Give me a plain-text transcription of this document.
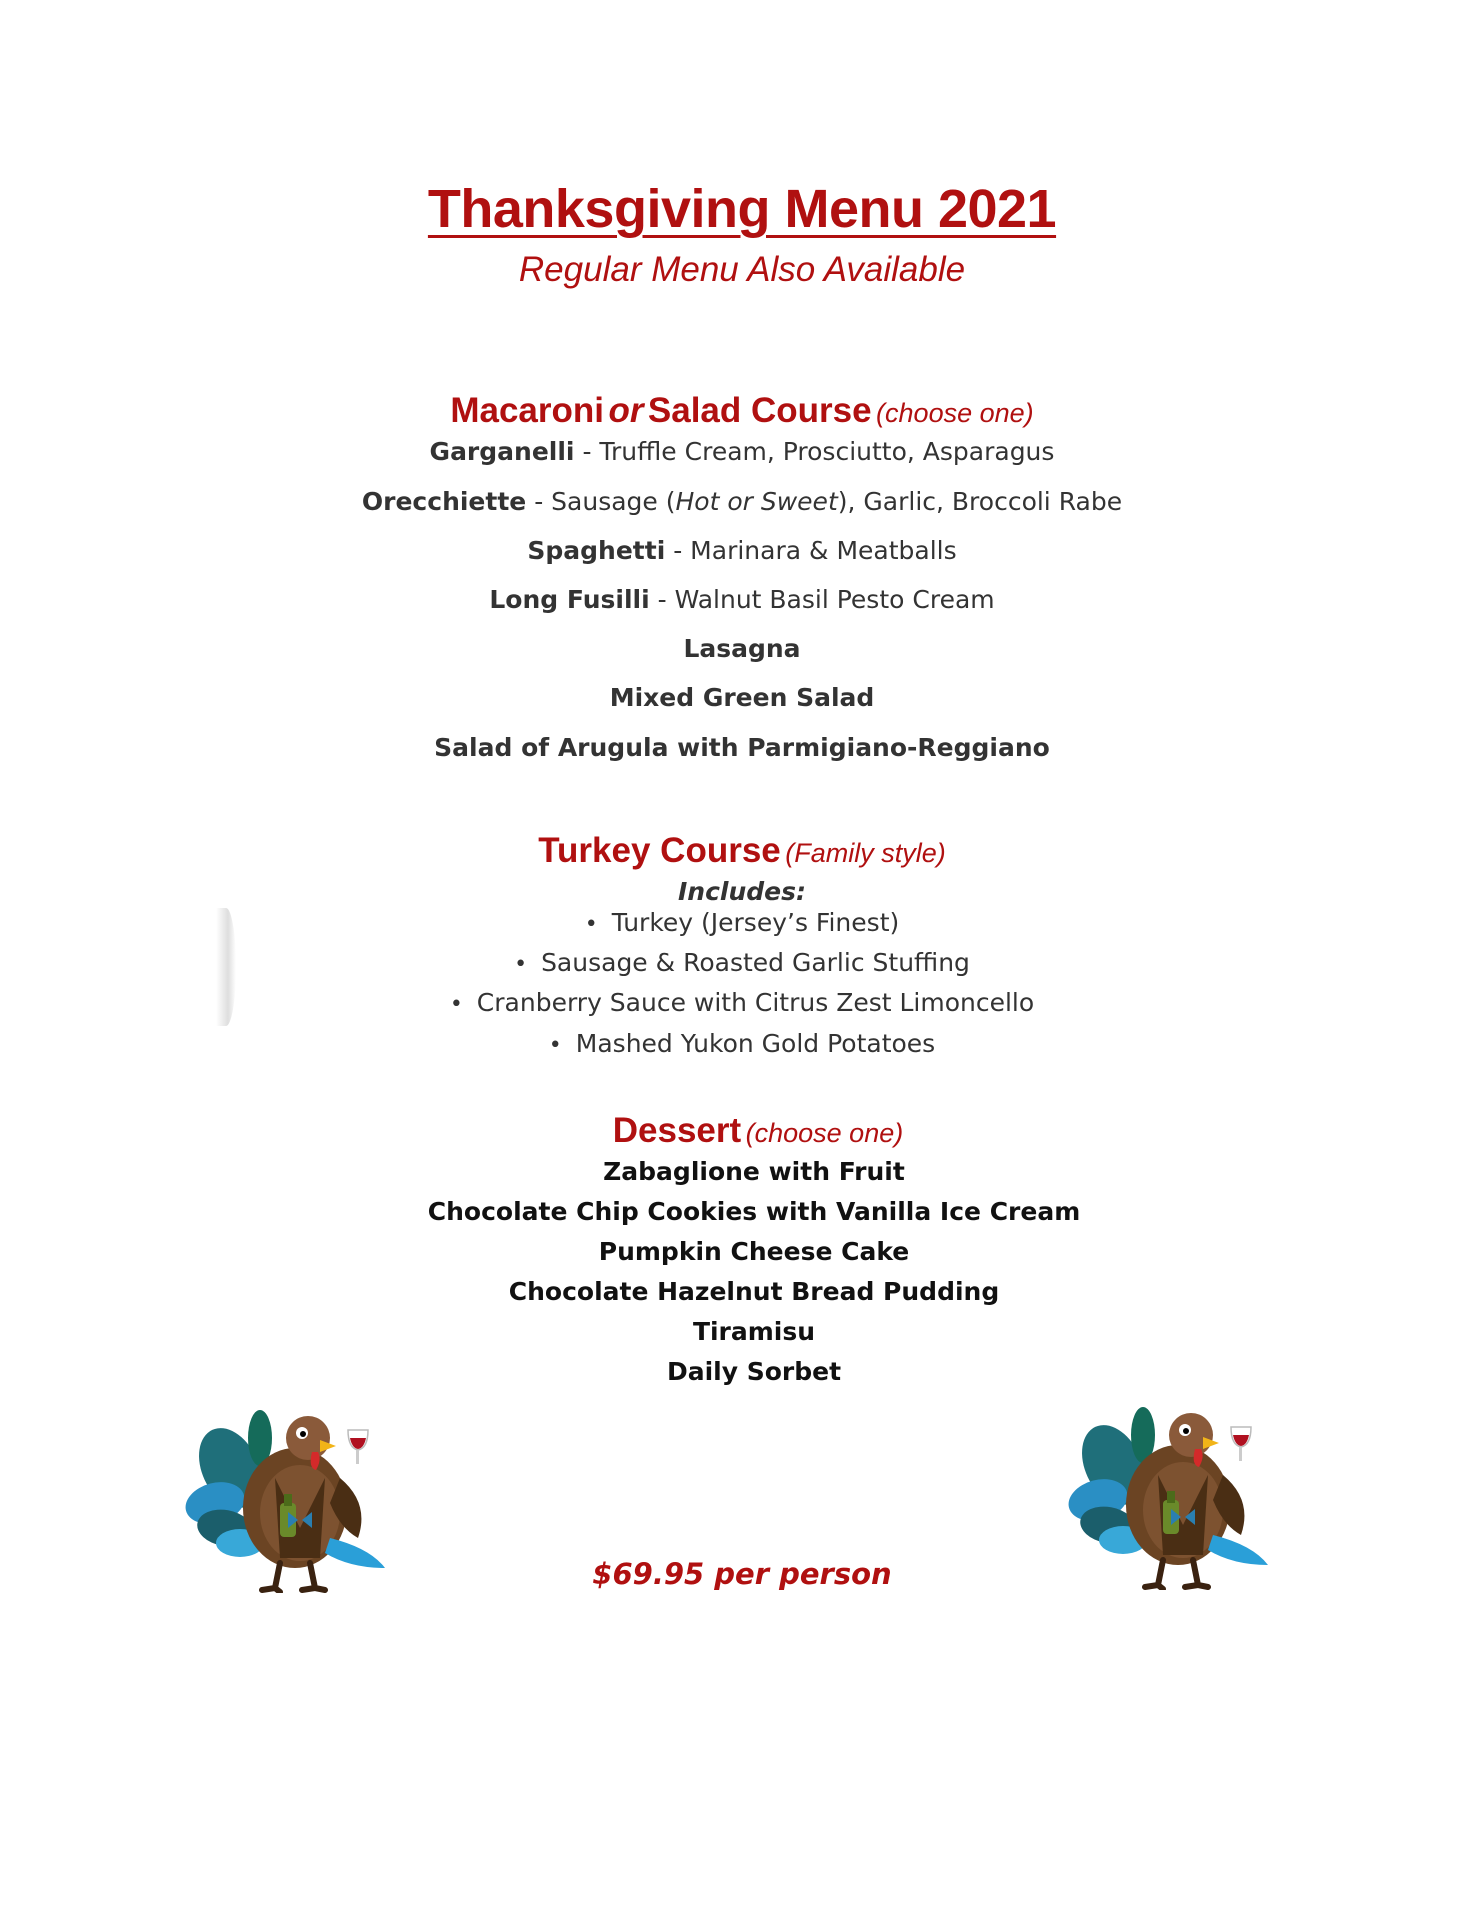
Thanksgiving Menu 2021
Regular Menu Also Available
Macaroni or Salad Course (choose one)
Garganelli - Truffle Cream, Prosciutto, Asparagus
Orecchiette - Sausage (Hot or Sweet), Garlic, Broccoli Rabe
Spaghetti - Marinara & Meatballs
Long Fusilli - Walnut Basil Pesto Cream
Lasagna
Mixed Green Salad
Salad of Arugula with Parmigiano-Reggiano
Turkey Course (Family style)
Includes:
• Turkey (Jersey’s Finest)
• Sausage & Roasted Garlic Stuffing
• Cranberry Sauce with Citrus Zest Limoncello
• Mashed Yukon Gold Potatoes
Dessert (choose one)
Zabaglione with Fruit
Chocolate Chip Cookies with Vanilla Ice Cream
Pumpkin Cheese Cake
Chocolate Hazelnut Bread Pudding
Tiramisu
Daily Sorbet
$69.95 per person
